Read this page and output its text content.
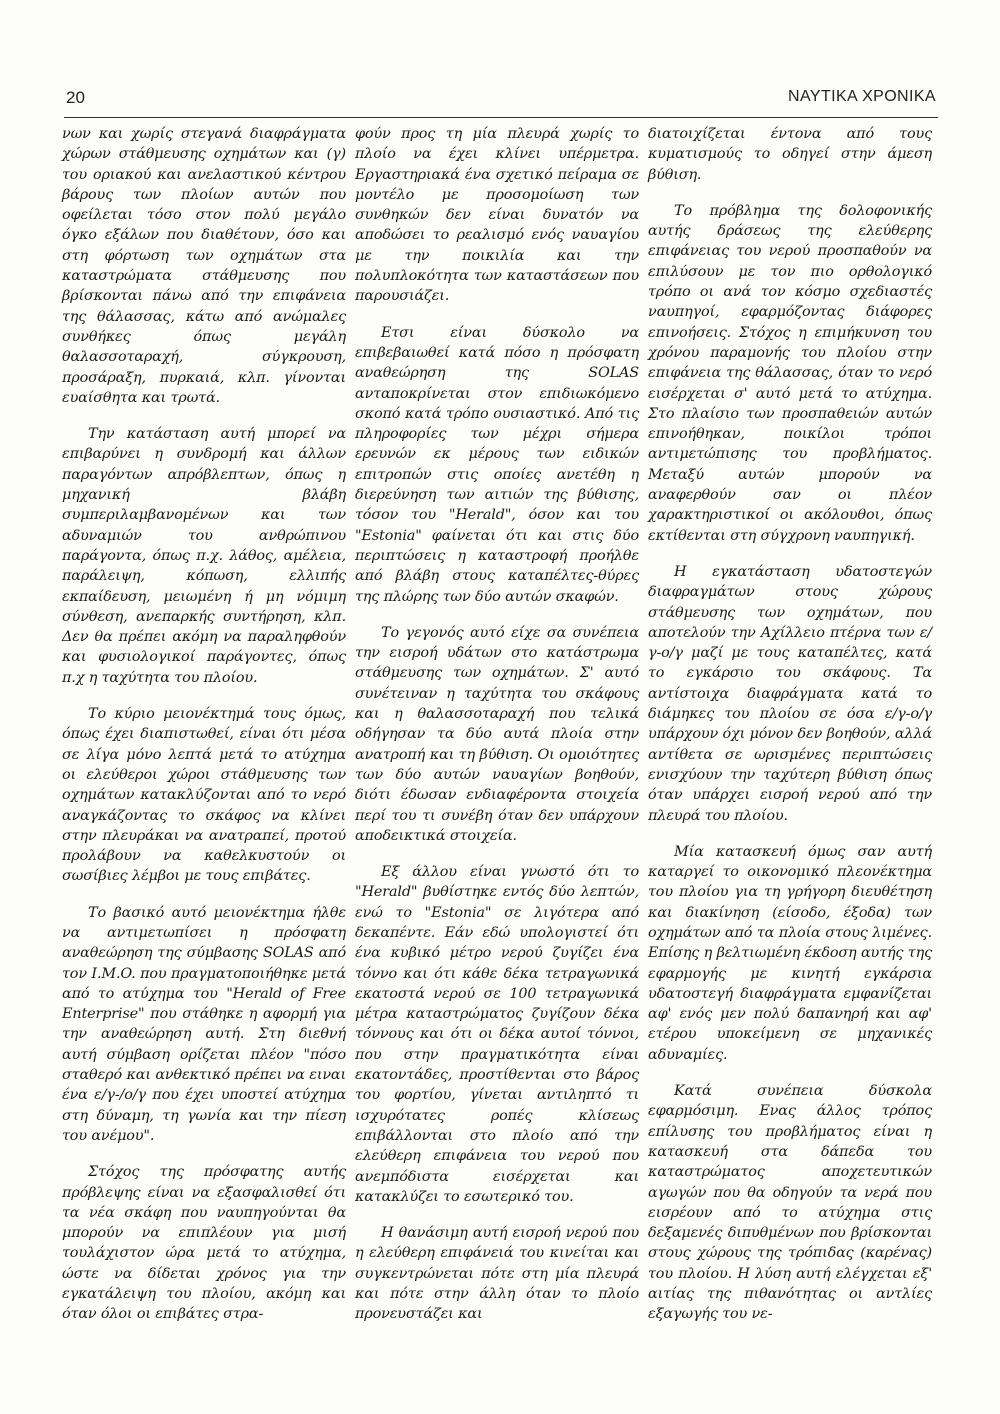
20	ΝΑΥΤΙΚΑ ΧΡΟΝΙΚΑ

νων και χωρίς στεγανά διαφράγματα χώρων στάθμευσης οχημάτων και (γ) του οριακού και ανελαστικού κέντρου βάρους των πλοίων αυτών που οφείλεται τόσο στον πολύ μεγάλο όγκο εξάλων που διαθέτουν, όσο και στη φόρτωση των οχημάτων στα καταστρώματα στάθμευσης που βρίσκονται πάνω από την επιφάνεια της θάλασσας, κάτω από ανώμαλες συνθήκες όπως μεγάλη θαλασσοταραχή, σύγκρουση, προσάραξη, πυρκαιά, κλπ. γίνονται ευαίσθητα και τρωτά.

Την κατάσταση αυτή μπορεί να επιβαρύνει η συνδρομή και άλλων παραγόντων απρόβλεπτων, όπως η μηχανική βλάβη συμπεριλαμβανομένων και των αδυναμιών του ανθρώπινου παράγοντα, όπως π.χ. λάθος, αμέλεια, παράλειψη, κόπωση, ελλιπής εκπαίδευση, μειωμένη ή μη νόμιμη σύνθεση, ανεπαρκής συντήρηση, κλπ. Δεν θα πρέπει ακόμη να παραληφθούν και φυσιολογικοί παράγοντες, όπως π.χ η ταχύτητα του πλοίου.

Το κύριο μειονέκτημά τους όμως, όπως έχει διαπιστωθεί, είναι ότι μέσα σε λίγα μόνο λεπτά μετά το ατύχημα οι ελεύθεροι χώροι στάθμευσης των οχημάτων κατακλύζονται από το νερό αναγκάζοντας το σκάφος να κλίνει στην πλευράκαι να ανατραπεί, προτού προλάβουν να καθελκυστούν οι σωσίβιες λέμβοι με τους επιβάτες.

Το βασικό αυτό μειονέκτημα ήλθε να αντιμετωπίσει η πρόσφατη αναθεώρηση της σύμβασης SOLAS από τον I.M.O. που πραγματοποιήθηκε μετά από το ατύχημα του "Herald of Free Enterprise" που στάθηκε η αφορμή για την αναθεώρηση αυτή. Στη διεθνή αυτή σύμβαση ορίζεται πλέον "πόσο σταθερό και ανθεκτικό πρέπει να ειναι ένα ε/γ-/ο/γ που έχει υποστεί ατύχημα στη δύναμη, τη γωνία και την πίεση του ανέμου".

Στόχος της πρόσφατης αυτής πρόβλεψης είναι να εξασφαλισθεί ότι τα νέα σκάφη που ναυπηγούνται θα μπορούν να επιπλέουν για μισή τουλάχιστον ώρα μετά το ατύχημα, ώστε να δίδεται χρόνος για την εγκατάλειψη του πλοίου, ακόμη και όταν όλοι οι επιβάτες στρα-

φούν προς τη μία πλευρά χωρίς το πλοίο να έχει κλίνει υπέρμετρα. Εργαστηριακά ένα σχετικό πείραμα σε μοντέλο με προσομοίωση των συνθηκών δεν είναι δυνατόν να αποδώσει το ρεαλισμό ενός ναυαγίου με την ποικιλία και την πολυπλοκότητα των καταστάσεων που παρουσιάζει.

Ετσι είναι δύσκολο να επιβεβαιωθεί κατά πόσο η πρόσφατη αναθεώρηση της SOLAS ανταποκρίνεται στον επιδιωκόμενο σκοπό κατά τρόπο ουσιαστικό. Από τις πληροφορίες των μέχρι σήμερα ερευνών εκ μέρους των ειδικών επιτροπών στις οποίες ανετέθη η διερεύνηση των αιτιών της βύθισης, τόσον του "Herald", όσον και του "Estonia" φαίνεται ότι και στις δύο περιπτώσεις η καταστροφή προήλθε από βλάβη στους καταπέλτες-θύρες της πλώρης των δύο αυτών σκαφών.

Το γεγονός αυτό είχε σα συνέπεια την εισροή υδάτων στο κατάστρωμα στάθμευσης των οχημάτων. Σ' αυτό συνέτειναν η ταχύτητα του σκάφους και η θαλασσοταραχή που τελικά οδήγησαν τα δύο αυτά πλοία στην ανατροπή και τη βύθιση. Οι ομοιότητες των δύο αυτών ναυαγίων βοηθούν, διότι έδωσαν ενδιαφέροντα στοιχεία περί του τι συνέβη όταν δεν υπάρχουν αποδεικτικά στοιχεία.

Εξ άλλου είναι γνωστό ότι το "Herald" βυθίστηκε εντός δύο λεπτών, ενώ το "Estonia" σε λιγότερα από δεκαπέντε. Εάν εδώ υπολογιστεί ότι ένα κυβικό μέτρο νερού ζυγίζει ένα τόννο και ότι κάθε δέκα τετραγωνικά εκατοστά νερού σε 100 τετραγωνικά μέτρα καταστρώματος ζυγίζουν δέκα τόννους και ότι οι δέκα αυτοί τόννοι, που στην πραγματικότητα είναι εκατοντάδες, προστίθενται στο βάρος του φορτίου, γίνεται αντιληπτό τι ισχυρότατες ροπές κλίσεως επιβάλλονται στο πλοίο από την ελεύθερη επιφάνεια του νερού που ανεμπόδιστα εισέρχεται και κατακλύζει το εσωτερικό του.

Η θανάσιμη αυτή εισροή νερού που η ελεύθερη επιφάνειά του κινείται και συγκεντρώνεται πότε στη μία πλευρά και πότε στην άλλη όταν το πλοίο προνευστάζει και

διατοιχίζεται έντονα από τους κυματισμούς το οδηγεί στην άμεση βύθιση.

Το πρόβλημα της δολοφονικής αυτής δράσεως της ελεύθερης επιφάνειας του νερού προσπαθούν να επιλύσουν με τον πιο ορθολογικό τρόπο οι ανά τον κόσμο σχεδιαστές ναυπηγοί, εφαρμόζοντας διάφορες επινοήσεις. Στόχος η επιμήκυνση του χρόνου παραμονής του πλοίου στην επιφάνεια της θάλασσας, όταν το νερό εισέρχεται σ' αυτό μετά το ατύχημα. Στο πλαίσιο των προσπαθειών αυτών επινοήθηκαν, ποικίλοι τρόποι αντιμετώπισης του προβλήματος. Μεταξύ αυτών μπορούν να αναφερθούν σαν οι πλέον χαρακτηριστικοί οι ακόλουθοι, όπως εκτίθενται στη σύγχρονη ναυπηγική.

Η εγκατάσταση υδατοστεγών διαφραγμάτων στους χώρους στάθμευσης των οχημάτων, που αποτελούν την Αχίλλειο πτέρνα των ε/γ-ο/γ μαζί με τους καταπέλτες, κατά το εγκάρσιο του σκάφους. Τα αντίστοιχα διαφράγματα κατά το διάμηκες του πλοίου σε όσα ε/γ-ο/γ υπάρχουν όχι μόνον δεν βοηθούν, αλλά αντίθετα σε ωρισμένες περιπτώσεις ενισχύουν την ταχύτερη βύθιση όπως όταν υπάρχει εισροή νερού από την πλευρά του πλοίου.

Μία κατασκευή όμως σαν αυτή καταργεί το οικονομικό πλεονέκτημα του πλοίου για τη γρήγορη διευθέτηση και διακίνηση (είσοδο, έξοδα) των οχημάτων από τα πλοία στους λιμένες. Επίσης η βελτιωμένη έκδοση αυτής της εφαρμογής με κινητή εγκάρσια υδατοστεγή διαφράγματα εμφανίζεται αφ' ενός μεν πολύ δαπανηρή και αφ' ετέρου υποκείμενη σε μηχανικές αδυναμίες.

Κατά συνέπεια δύσκολα εφαρμόσιμη. Ενας άλλος τρόπος επίλυσης του προβλήματος είναι η κατασκευή στα δάπεδα του καταστρώματος αποχετευτικών αγωγών που θα οδηγούν τα νερά που εισρέουν από το ατύχημα στις δεξαμενές διπυθμένων που βρίσκονται στους χώρους της τρόπιδας (καρένας) του πλοίου. Η λύση αυτή ελέγχεται εξ' αιτίας της πιθανότητας οι αντλίες εξαγωγής του νε-
